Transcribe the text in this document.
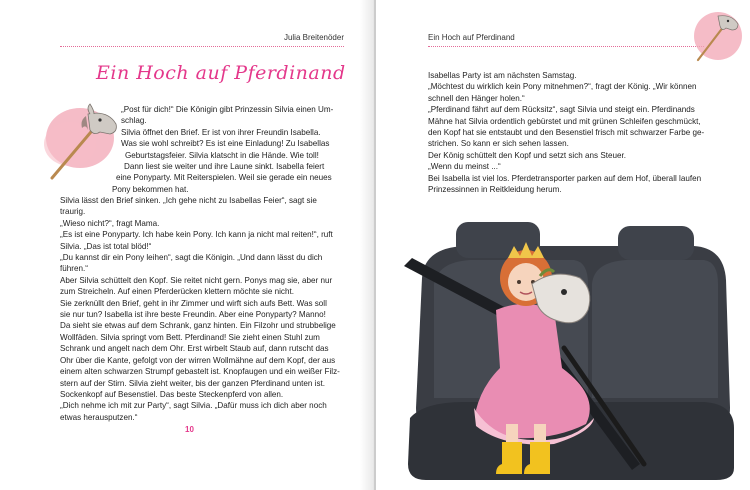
Julia Breitenöder
Ein Hoch auf Pferdinand
„Post für dich!“ Die Königin gibt Prinzessin Silvia einen Um-
schlag.
Silvia öffnet den Brief. Er ist von ihrer Freundin Isabella.
Was sie wohl schreibt? Es ist eine Einladung! Zu Isabellas
Geburtstagsfeier. Silvia klatscht in die Hände. Wie toll!
Dann liest sie weiter und ihre Laune sinkt. Isabella feiert
eine Ponyparty. Mit Reiterspielen. Weil sie gerade ein neues
Pony bekommen hat.
Silvia lässt den Brief sinken. „Ich gehe nicht zu Isabellas Feier“, sagt sie
traurig.
„Wieso nicht?“, fragt Mama.
„Es ist eine Ponyparty. Ich habe kein Pony. Ich kann ja nicht mal reiten!“, ruft
Silvia. „Das ist total blöd!“
„Du kannst dir ein Pony leihen“, sagt die Königin. „Und dann lässt du dich
führen.“
Aber Silvia schüttelt den Kopf. Sie reitet nicht gern. Ponys mag sie, aber nur
zum Streicheln. Auf einen Pferderücken klettern möchte sie nicht.
Sie zerknüllt den Brief, geht in ihr Zimmer und wirft sich aufs Bett. Was soll
sie nur tun? Isabella ist ihre beste Freundin. Aber eine Ponyparty? Manno!
Da sieht sie etwas auf dem Schrank, ganz hinten. Ein Filzohr und strubbelige
Wollfäden. Silvia springt vom Bett. Pferdinand! Sie zieht einen Stuhl zum
Schrank und angelt nach dem Ohr. Erst wirbelt Staub auf, dann rutscht das
Ohr über die Kante, gefolgt von der wirren Wollmähne auf dem Kopf, der aus
einem alten schwarzen Strumpf gebastelt ist. Knopfaugen und ein weißer Filz-
stern auf der Stirn. Silvia zieht weiter, bis der ganzen Pferdinand unten ist.
Sockenkopf auf Besenstiel. Das beste Steckenpferd von allen.
„Dich nehme ich mit zur Party“, sagt Silvia. „Dafür muss ich dich aber noch
etwas herausputzen.“
10
Ein Hoch auf Pferdinand
Isabellas Party ist am nächsten Samstag.
„Möchtest du wirklich kein Pony mitnehmen?“, fragt der König. „Wir können
schnell den Hänger holen.“
„Pferdinand fährt auf dem Rücksitz“, sagt Silvia und steigt ein. Pferdinands
Mähne hat Silvia ordentlich gebürstet und mit grünen Schleifen geschmückt,
den Kopf hat sie entstaubt und den Besenstiel frisch mit schwarzer Farbe ge-
strichen. So kann er sich sehen lassen.
Der König schüttelt den Kopf und setzt sich ans Steuer.
„Wenn du meinst ...“
Bei Isabella ist viel los. Pferdetransporter parken auf dem Hof, überall laufen
Prinzessinnen in Reitkleidung herum.
